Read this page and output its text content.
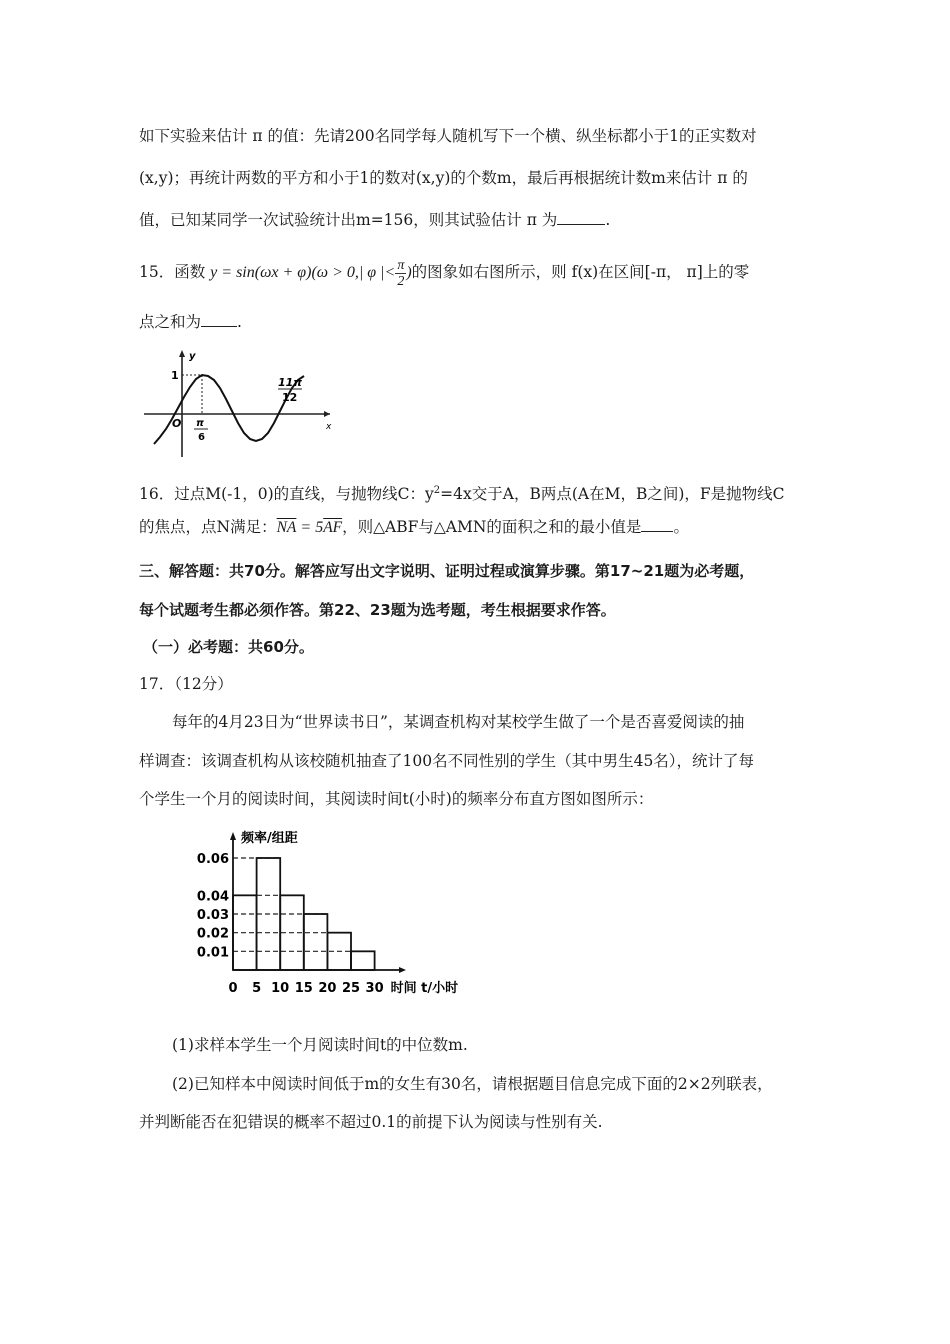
如下实验来估计 π 的值：先请200名同学每人随机写下一个横、纵坐标都小于1的正实数对
(x,y)；再统计两数的平方和小于1的数对(x,y)的个数m，最后再根据统计数m来估计 π 的
值，已知某同学一次试验统计出m=156，则其试验估计 π 为	.
15．函数 y = sin(ωx + φ)(ω > 0,| φ |< $\frac{\pi}{2}$ )的图象如右图所示，则 f(x)在区间[-π， π]上的零
点之和为 .
y
x
1
O π
6
11π
12
16．过点M(-1，0)的直线，与抛物线C：$y^2=4x$交于A，B两点(A在M，B之间)，F是抛物线C
的焦点，点N满足：$\overline{NA} = 5\overline{AF}$，则△ABF与△AMN的面积之和的最小值是 。
三、解答题：共70分。解答应写出文字说明、证明过程或演算步骤。第17~21题为必考题，
每个试题考生都必须作答。第22、23题为选考题，考生根据要求作答。
（一）必考题：共60分。
17．（12分）
每年的4月23日为“世界读书日”，某调查机构对某校学生做了一个是否喜爱阅读的抽
样调查：该调查机构从该校随机抽查了100名不同性别的学生（其中男生45名），统计了每
个学生一个月的阅读时间，其阅读时间t(小时)的频率分布直方图如图所示：
0.01
0.02
0.03
0.04
0.06
0 5 10 15 20 25 30
频率/组距
时间 t/小时
(1)求样本学生一个月阅读时间t的中位数m.
(2)已知样本中阅读时间低于m的女生有30名，请根据题目信息完成下面的2×2列联表，
并判断能否在犯错误的概率不超过0.1的前提下认为阅读与性别有关.
